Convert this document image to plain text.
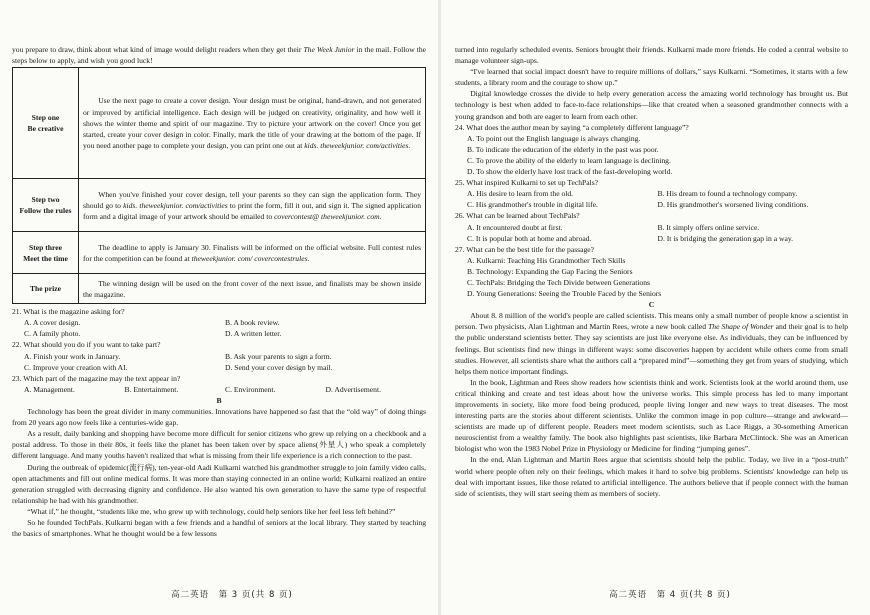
you prepare to draw, think about what kind of image would delight readers when they get their The Week Junior in the mail. Follow the steps below to apply, and wish you good luck!

Step one
Be creative	Use the next page to create a cover design. Your design must be original, hand-drawn, and not generated or improved by artificial intelligence. Each design will be judged on creativity, originality, and how well it shows the winter theme and spirit of our magazine. Try to picture your artwork on the cover! Once you get started, create your cover design in color. Finally, mark the title of your drawing at the bottom of the page. If you need another page to complete your design, you can print one out at kids. theweekjunior. com/activities.

Step two
Follow the rules	When you've finished your cover design, tell your parents so they can sign the application form. They should go to kids. theweekjunior. com/activities to print the form, fill it out, and sign it. The signed application form and a digital image of your artwork should be emailed to covercontest@ theweekjunior. com.

Step three
Meet the time	The deadline to apply is January 30. Finalists will be informed on the official website. Full contest rules for the competition can be found at theweekjunior. com/ covercontestrules.

The prize	The winning design will be used on the front cover of the next issue, and finalists may be shown inside the magazine.

21. What is the magazine asking for?

A. A cover design.	B. A book review.
C. A family photo.	D. A written letter.

22. What should you do if you want to take part?

A. Finish your work in January.	B. Ask your parents to sign a form.
C. Improve your creation with AI.	D. Send your cover design by mail.

23. Which part of the magazine may the text appear in?

A. Management.	B. Entertainment.	C. Environment.	D. Advertisement.

B

Technology has been the great divider in many communities. Innovations have happened so fast that the “old way” of doing things from 20 years ago now feels like a centuries-wide gap.

As a result, daily banking and shopping have become more difficult for senior citizens who grew up relying on a checkbook and a postal address. To those in their 80s, it feels like the planet has been taken over by space aliens(外星人) who speak a completely different language. And many youths haven't realized that what is missing from their life experience is a rich connection to the past.

During the outbreak of epidemic(流行病), ten-year-old Aadi Kulkarni watched his grandmother struggle to join family video calls, open attachments and fill out online medical forms. It was more than staying connected in an online world; Kulkarni realized an entire generation struggled with decreasing dignity and confidence. He also wanted his own generation to have the same type of respectful relationship he had with his grandmother.

“What if,” he thought, “students like me, who grew up with technology, could help seniors like her feel less left behind?”

So he founded TechPals. Kulkarni began with a few friends and a handful of seniors at the local library. They started by teaching the basics of smartphones. What he thought would be a few lessons

高二英语　第 3 页(共 8 页)

turned into regularly scheduled events. Seniors brought their friends. Kulkarni made more friends. He coded a central website to manage volunteer sign-ups.

“I've learned that social impact doesn't have to require millions of dollars,” says Kulkarni. “Sometimes, it starts with a few students, a library room and the courage to show up.”

Digital knowledge crosses the divide to help every generation access the amazing world technology has brought us. But technology is best when added to face-to-face relationships—like that created when a seasoned grandmother connects with a young grandson and both are eager to learn from each other.

24. What does the author mean by saying “a completely different language”?

A. To point out the English language is always changing.
B. To indicate the education of the elderly in the past was poor.
C. To prove the ability of the elderly to learn language is declining.
D. To show the elderly have lost track of the fast-developing world.

25. What inspired Kulkarni to set up TechPals?

A. His desire to learn from the old.	B. His dream to found a technology company.
C. His grandmother's trouble in digital life.	D. His grandmother's worsened living conditions.

26. What can be learned about TechPals?

A. It encountered doubt at first.	B. It simply offers online service.
C. It is popular both at home and abroad.	D. It is bridging the generation gap in a way.

27. What can be the best title for the passage?

A. Kulkarni: Teaching His Grandmother Tech Skills
B. Technology: Expanding the Gap Facing the Seniors
C. TechPals: Bridging the Tech Divide between Generations
D. Young Generations: Seeing the Trouble Faced by the Seniors

C

About 8. 8 million of the world's people are called scientists. This means only a small number of people know a scientist in person. Two physicists, Alan Lightman and Martin Rees, wrote a new book called The Shape of Wonder and their goal is to help the public understand scientists better. They say scientists are just like everyone else. As individuals, they can be influenced by feelings. But scientists find new things in different ways: some discoveries happen by accident while others come from small studies. However, all scientists share what the authors call a “prepared mind”—something they get from years of studying, which helps them notice important findings.

In the book, Lightman and Rees show readers how scientists think and work. Scientists look at the world around them, use critical thinking and create and test ideas about how the universe works. This simple process has led to many important improvements in society, like more food being produced, people living longer and new ways to treat diseases. The most interesting parts are the stories about different scientists. Unlike the common image in pop culture—strange and awkward—scientists are made up of different people. Readers meet modern scientists, such as Lace Riggs, a 30-something American neuroscientist from a wealthy family. The book also highlights past scientists, like Barbara McClintock. She was an American biologist who won the 1983 Nobel Prize in Physiology or Medicine for finding “jumping genes”.

In the end, Alan Lightman and Martin Rees argue that scientists should help the public. Today, we live in a “post-truth” world where people often rely on their feelings, which makes it hard to solve big problems. Scientists' knowledge can help us deal with important issues, like those related to artificial intelligence. The authors believe that if people connect with the human side of scientists, they will start seeing them as members of society.

高二英语　第 4 页(共 8 页)
